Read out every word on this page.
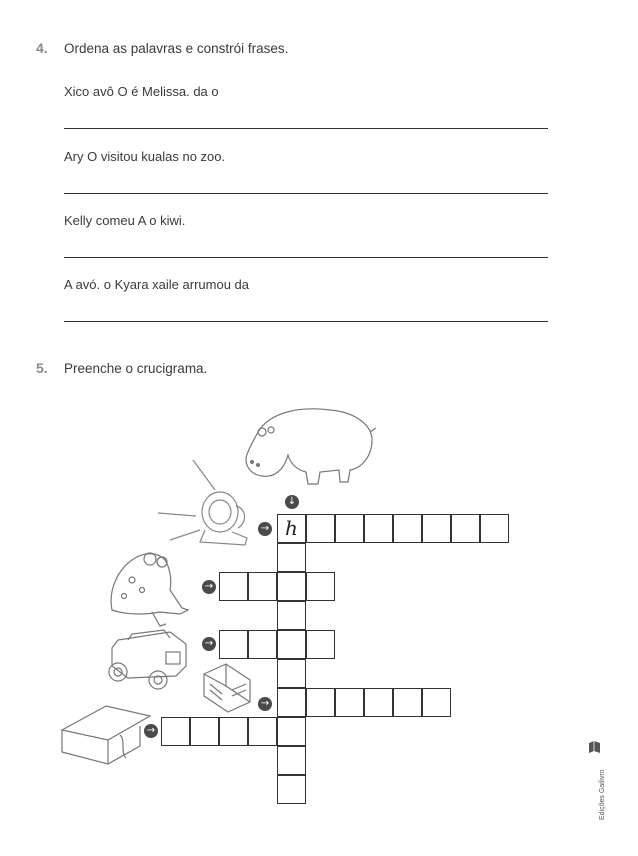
4. Ordena as palavras e constrói frases.
Xico avô O é Melissa. da o
Ary O visitou kualas no zoo.
Kelly comeu A o kiwi.
A avó. o Kyara xaile arrumou da
5. Preenche o crucigrama.
↓
→
→
→
→
→
h
Edições Gailivro
